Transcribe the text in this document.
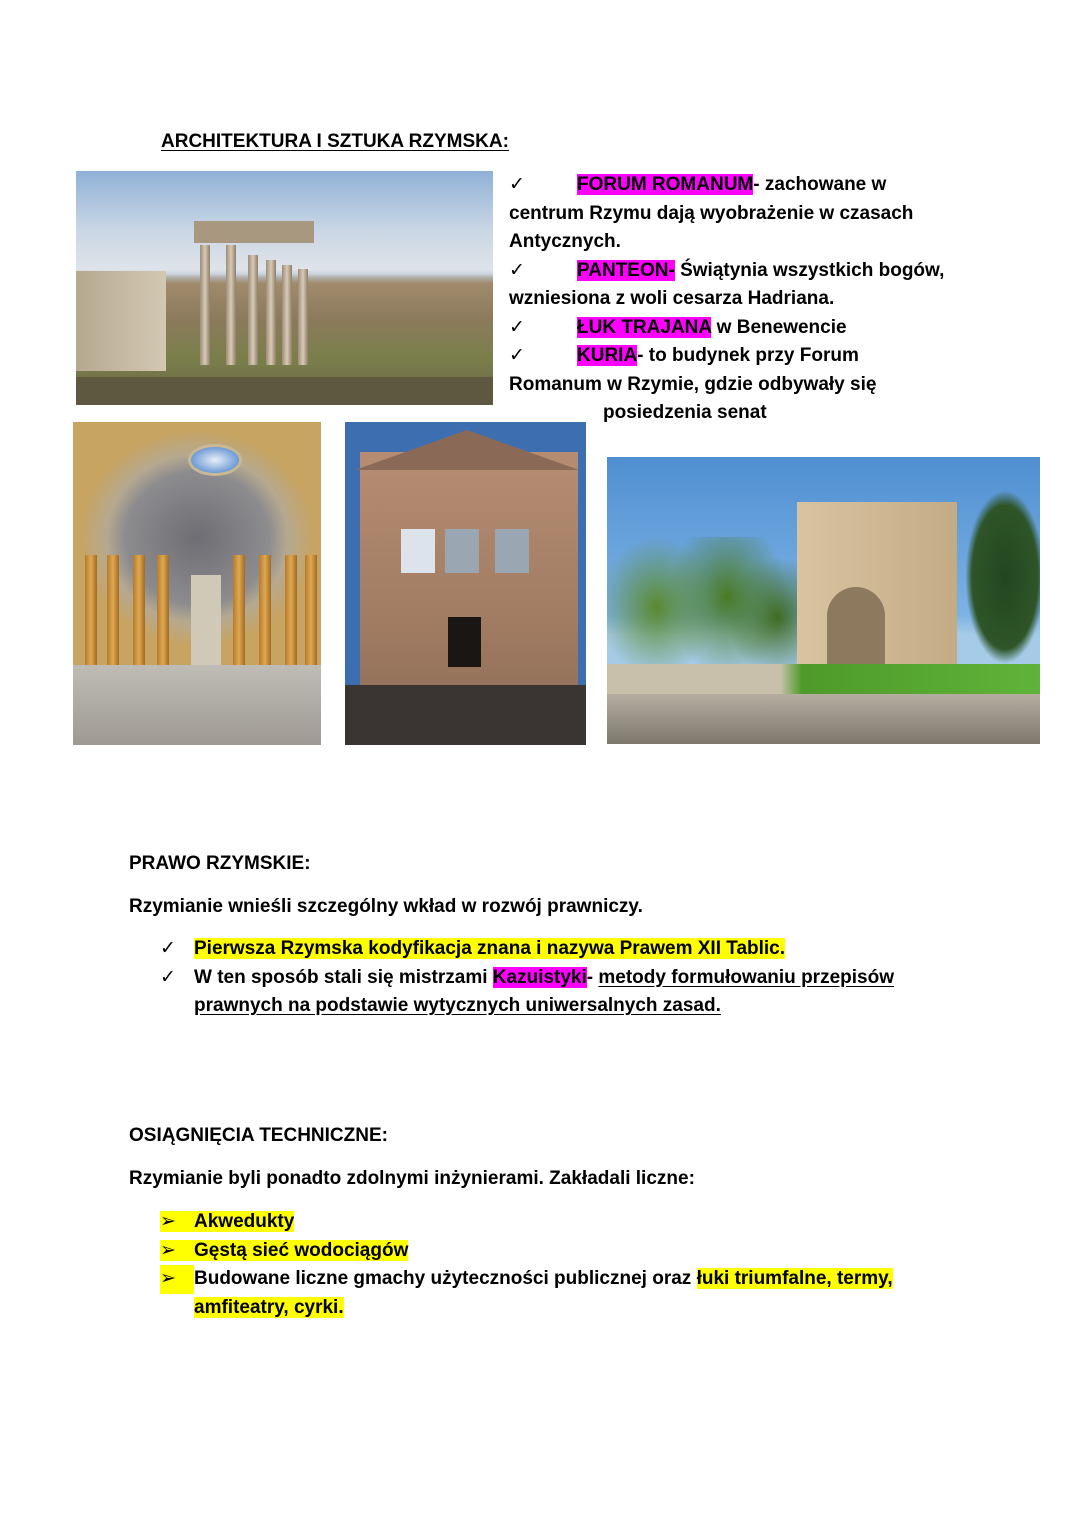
ARCHITEKTURA I SZTUKA RZYMSKA:
✓	FORUM ROMANUM- zachowane w
centrum Rzymu dają wyobrażenie w czasach
Antycznych.
✓	PANTEON- Świątynia wszystkich bogów,
wzniesiona z woli cesarza Hadriana.
✓	ŁUK TRAJANA w Benewencie
✓	KURIA- to budynek przy Forum
Romanum w Rzymie, gdzie odbywały się
posiedzenia senat
PRAWO RZYMSKIE:
Rzymianie wnieśli szczególny wkład w rozwój prawniczy.
✓ Pierwsza Rzymska kodyfikacja znana i nazywa Prawem XII Tablic.
✓ W ten sposób stali się mistrzami Kazuistyki- metody formułowaniu przepisów
prawnych na podstawie wytycznych uniwersalnych zasad.
OSIĄGNIĘCIA TECHNICZNE:
Rzymianie byli ponadto zdolnymi inżynierami. Zakładali liczne:
➢ Akwedukty
➢ Gęstą sieć wodociągów
➢ Budowane liczne gmachy użyteczności publicznej oraz łuki triumfalne, termy,
amfiteatry, cyrki.
